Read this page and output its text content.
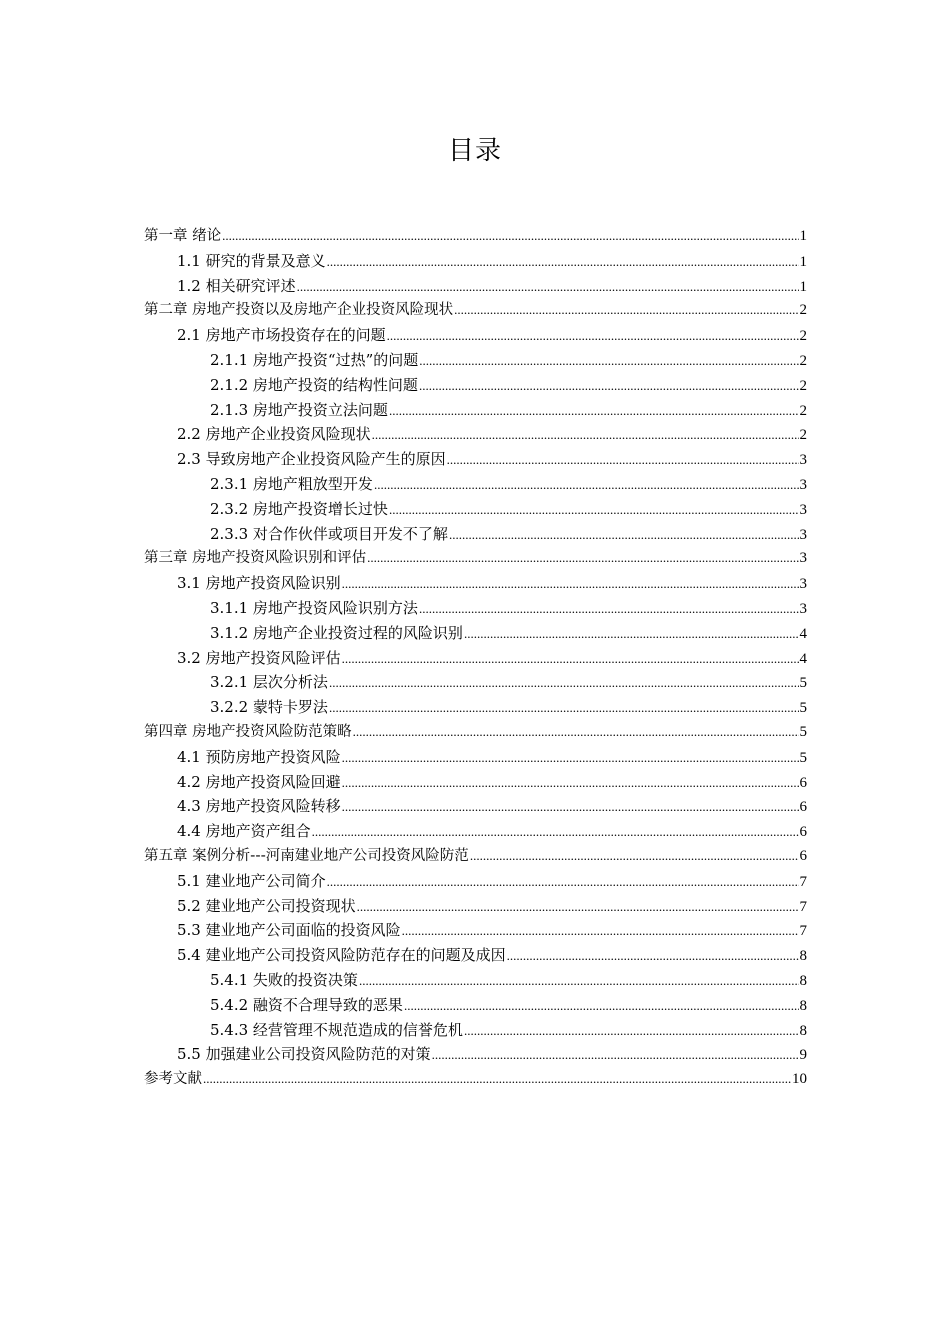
目录
第一章 绪论 .....	1
1.1 研究的背景及意义 .....	1
1.2 相关研究评述 .....	1
第二章 房地产投资以及房地产企业投资风险现状 .....	2
2.1 房地产市场投资存在的问题 .....	2
2.1.1 房地产投资“过热”的问题 .....	2
2.1.2 房地产投资的结构性问题 .....	2
2.1.3 房地产投资立法问题 .....	2
2.2 房地产企业投资风险现状 .....	2
2.3 导致房地产企业投资风险产生的原因 .....	3
2.3.1 房地产粗放型开发 .....	3
2.3.2 房地产投资增长过快 .....	3
2.3.3 对合作伙伴或项目开发不了解 .....	3
第三章 房地产投资风险识别和评估 .....	3
3.1 房地产投资风险识别 .....	3
3.1.1 房地产投资风险识别方法 .....	3
3.1.2 房地产企业投资过程的风险识别 .....	4
3.2 房地产投资风险评估 .....	4
3.2.1 层次分析法 .....	5
3.2.2 蒙特卡罗法 .....	5
第四章 房地产投资风险防范策略 .....	5
4.1 预防房地产投资风险 .....	5
4.2 房地产投资风险回避 .....	6
4.3 房地产投资风险转移 .....	6
4.4 房地产资产组合 .....	6
第五章 案例分析---河南建业地产公司投资风险防范 .....	6
5.1 建业地产公司简介 .....	7
5.2 建业地产公司投资现状 .....	7
5.3 建业地产公司面临的投资风险 .....	7
5.4 建业地产公司投资风险防范存在的问题及成因 .....	8
5.4.1 失败的投资决策 .....	8
5.4.2 融资不合理导致的恶果 .....	8
5.4.3 经营管理不规范造成的信誉危机 .....	8
5.5 加强建业公司投资风险防范的对策 .....	9
参考文献 .....	10
